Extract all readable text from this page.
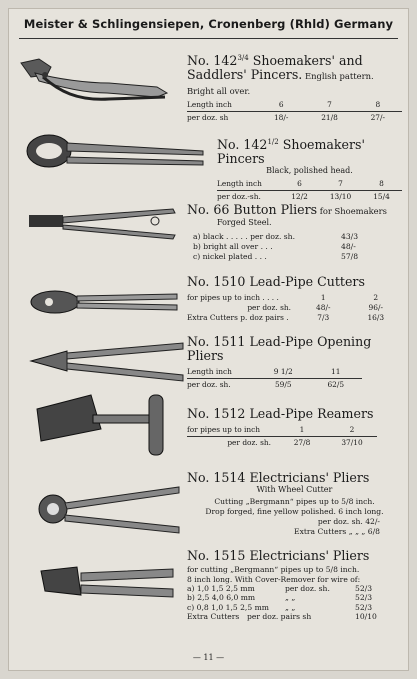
Meister & Schlingensiepen, Cronenberg (Rhld) Germany
No. $142^{3/4}$ Shoemakers' and Saddlers' Pincers. English pattern. Bright all over.
Length inch	6	7	8
per doz. sh	18/-	21/8	27/-
No. $142^{1/2}$ Shoemakers' Pincers
Black, polished head.
Length inch	6	7	8
per doz.-sh.	12/2	13/10	15/4
No. 66 Button Pliers for Shoemakers
Forged Steel.
a) black . . . . . per doz. sh.	43/3
b) bright all over . . .	48/-
c) nickel plated . . .	57/8
No. 1510 Lead-Pipe Cutters
for pipes up to inch . . . .	1	2
per doz. sh.	48/-	96/-
Extra Cutters p. doz pairs .	7/3	16/3
No. 1511 Lead-Pipe Opening Pliers
Length inch	9 1/2	11
per doz. sh.	59/5	62/5
No. 1512 Lead-Pipe Reamers
for pipes up to inch	1	2
per doz. sh.	27/8	37/10
No. 1514 Electricians' Pliers
With Wheel Cutter
Cutting „Bergmann“ pipes up to 5/8 inch.
Drop forged, fine yellow polished. 6 inch long.
per doz. sh. 42/-
Extra Cutters „ „ „ 6/8
No. 1515 Electricians' Pliers
for cutting „Bergmann“ pipes up to 5/8 inch.
8 inch long. With Cover-Remover for wire of:
a) 1,0 1,5 2,5 mm	per doz. sh.	52/3
b) 2,5 4,0 6,0 mm	„ „	52/3
c) 0,8 1,0 1,5 2,5 mm	„ „	52/3
Extra Cutters	per doz. pairs sh	10/10
— 11 —
